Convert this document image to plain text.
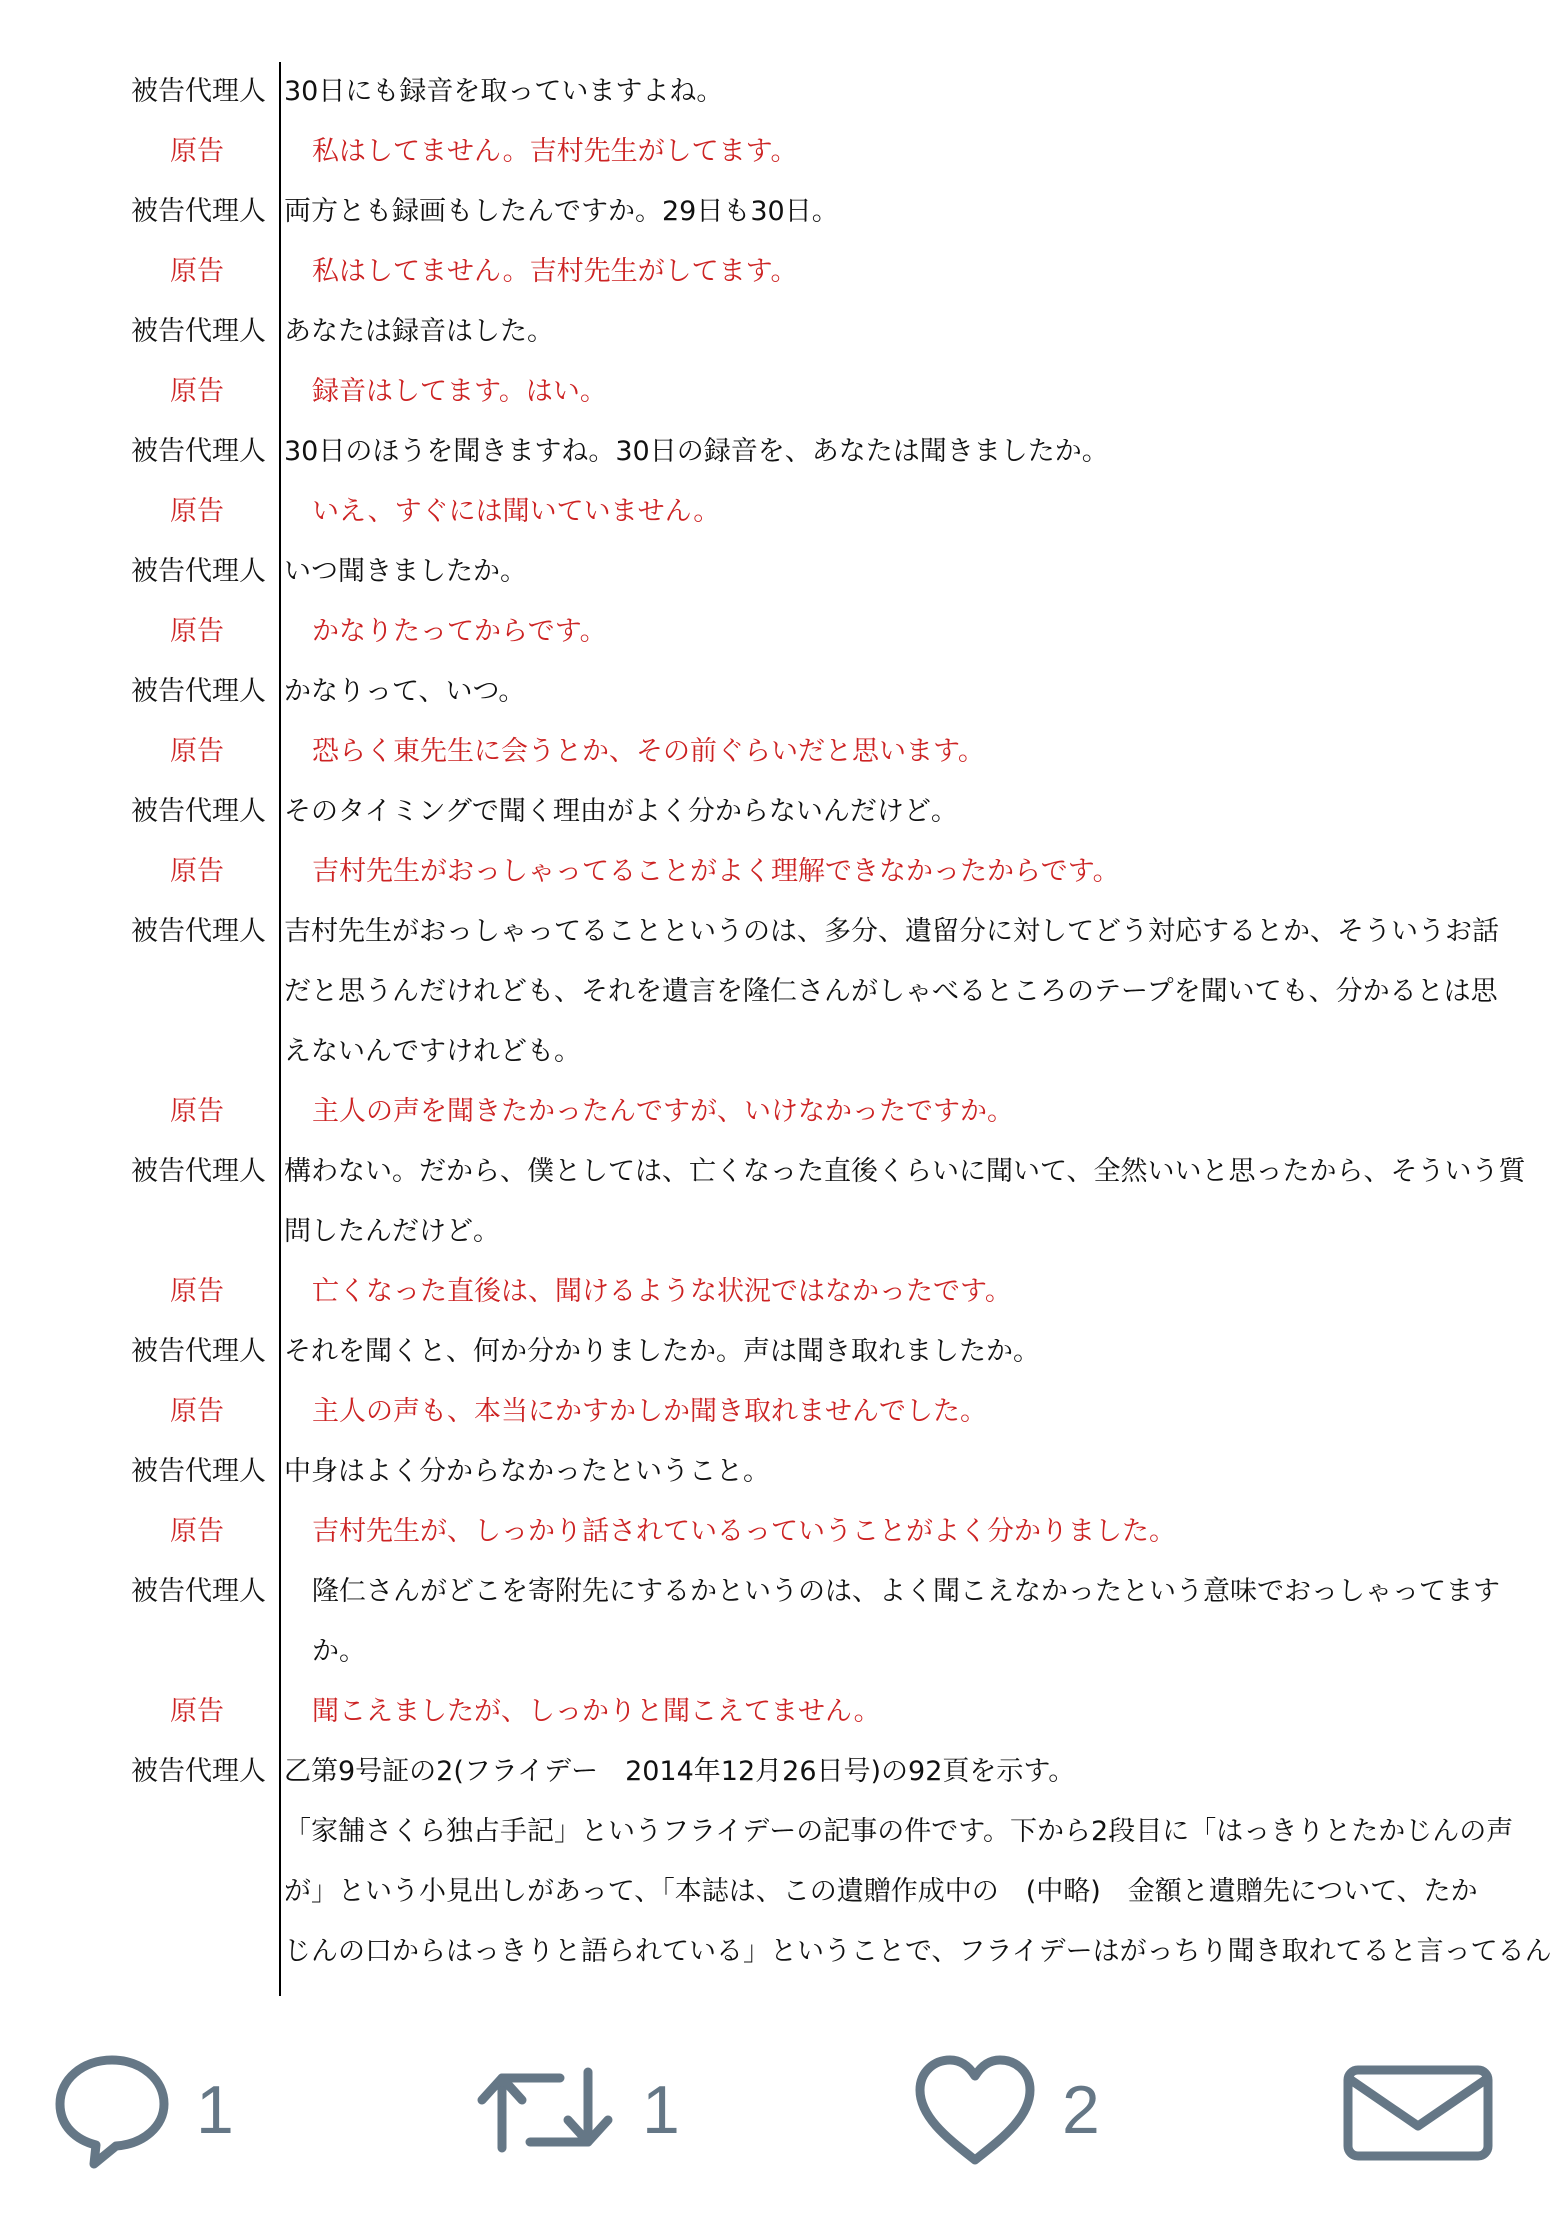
被告代理人 30日にも録音を取っていますよね。
原告	私はしてません。吉村先生がしてます。
被告代理人 両方とも録画もしたんですか。29日も30日。
原告	私はしてません。吉村先生がしてます。
被告代理人 あなたは録音はした。
原告	録音はしてます。はい。
被告代理人 30日のほうを聞きますね。30日の録音を、あなたは聞きましたか。
原告	いえ、すぐには聞いていません。
被告代理人 いつ聞きましたか。
原告	かなりたってからです。
被告代理人 かなりって、いつ。
原告	恐らく東先生に会うとか、その前ぐらいだと思います。
被告代理人 そのタイミングで聞く理由がよく分からないんだけど。
原告	吉村先生がおっしゃってることがよく理解できなかったからです。
被告代理人 吉村先生がおっしゃってることというのは、多分、遺留分に対してどう対応するとか、そういうお話
だと思うんだけれども、それを遺言を隆仁さんがしゃべるところのテープを聞いても、分かるとは思
えないんですけれども。
原告	主人の声を聞きたかったんですが、いけなかったですか。
被告代理人 構わない。だから、僕としては、亡くなった直後くらいに聞いて、全然いいと思ったから、そういう質
問したんだけど。
原告	亡くなった直後は、聞けるような状況ではなかったです。
被告代理人 それを聞くと、何か分かりましたか。声は聞き取れましたか。
原告	主人の声も、本当にかすかしか聞き取れませんでした。
被告代理人 中身はよく分からなかったということ。
原告	吉村先生が、しっかり話されているっていうことがよく分かりました。
被告代理人	隆仁さんがどこを寄附先にするかというのは、よく聞こえなかったという意味でおっしゃってます
か。
原告	聞こえましたが、しっかりと聞こえてません。
被告代理人 乙第9号証の2(フライデー　2014年12月26日号)の92頁を示す。
「家舗さくら独占手記」というフライデーの記事の件です。下から2段目に「はっきりとたかじんの声
が」という小見出しがあって、「本誌は、この遺贈作成中の　(中略)　金額と遺贈先について、たか
じんの口からはっきりと語られている」ということで、フライデーはがっちり聞き取れてると言ってるん
1	1	2
